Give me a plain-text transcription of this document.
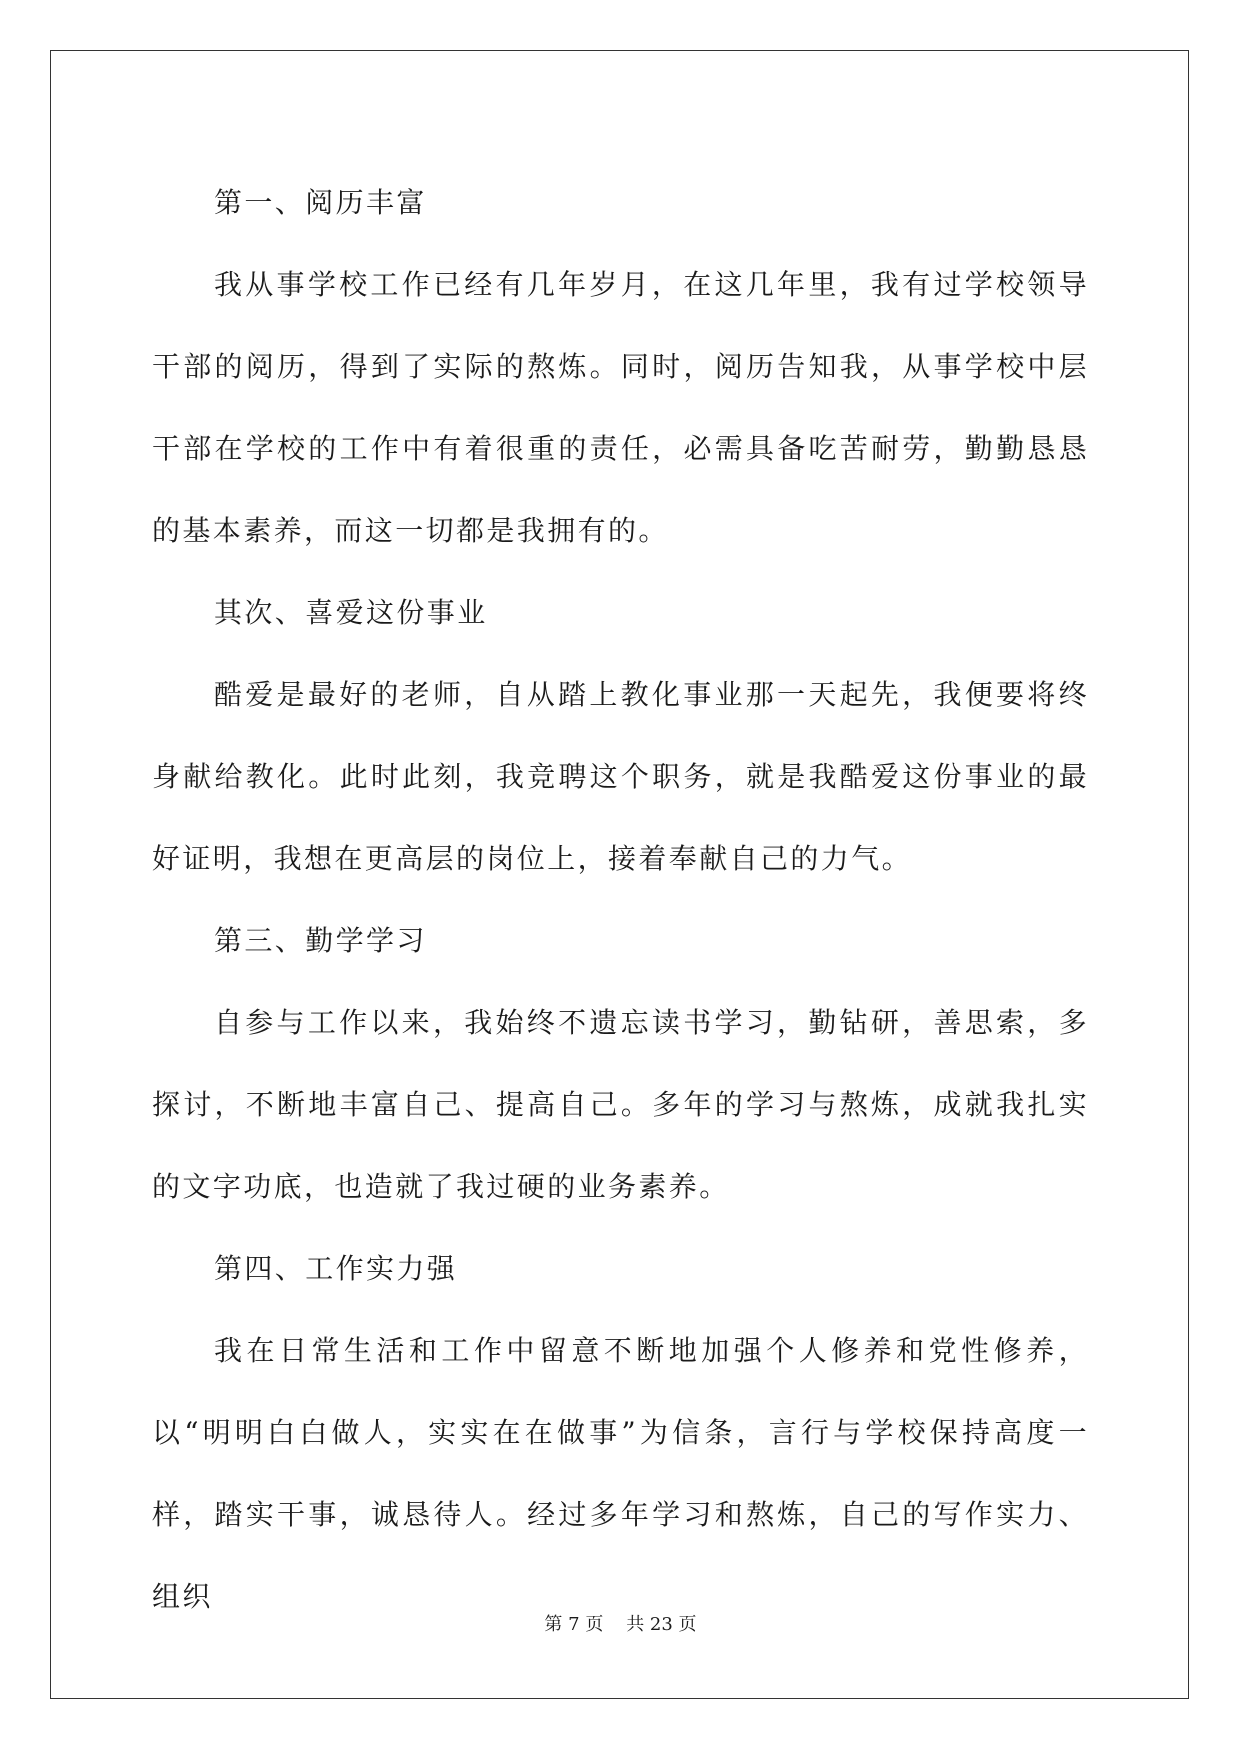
第一、阅历丰富

我从事学校工作已经有几年岁月，在这几年里，我有过学校领导干部的阅历，得到了实际的熬炼。同时，阅历告知我，从事学校中层干部在学校的工作中有着很重的责任，必需具备吃苦耐劳，勤勤恳恳的基本素养，而这一切都是我拥有的。

其次、喜爱这份事业

酷爱是最好的老师，自从踏上教化事业那一天起先，我便要将终身献给教化。此时此刻，我竞聘这个职务，就是我酷爱这份事业的最好证明，我想在更高层的岗位上，接着奉献自己的力气。

第三、勤学学习

自参与工作以来，我始终不遗忘读书学习，勤钻研，善思索，多探讨，不断地丰富自己、提高自己。多年的学习与熬炼，成就我扎实的文字功底，也造就了我过硬的业务素养。

第四、工作实力强

我在日常生活和工作中留意不断地加强个人修养和党性修养，以“明明白白做人，实实在在做事”为信条，言行与学校保持高度一样，踏实干事，诚恳待人。经过多年学习和熬炼，自己的写作实力、组织

第 7 页    共 23 页
